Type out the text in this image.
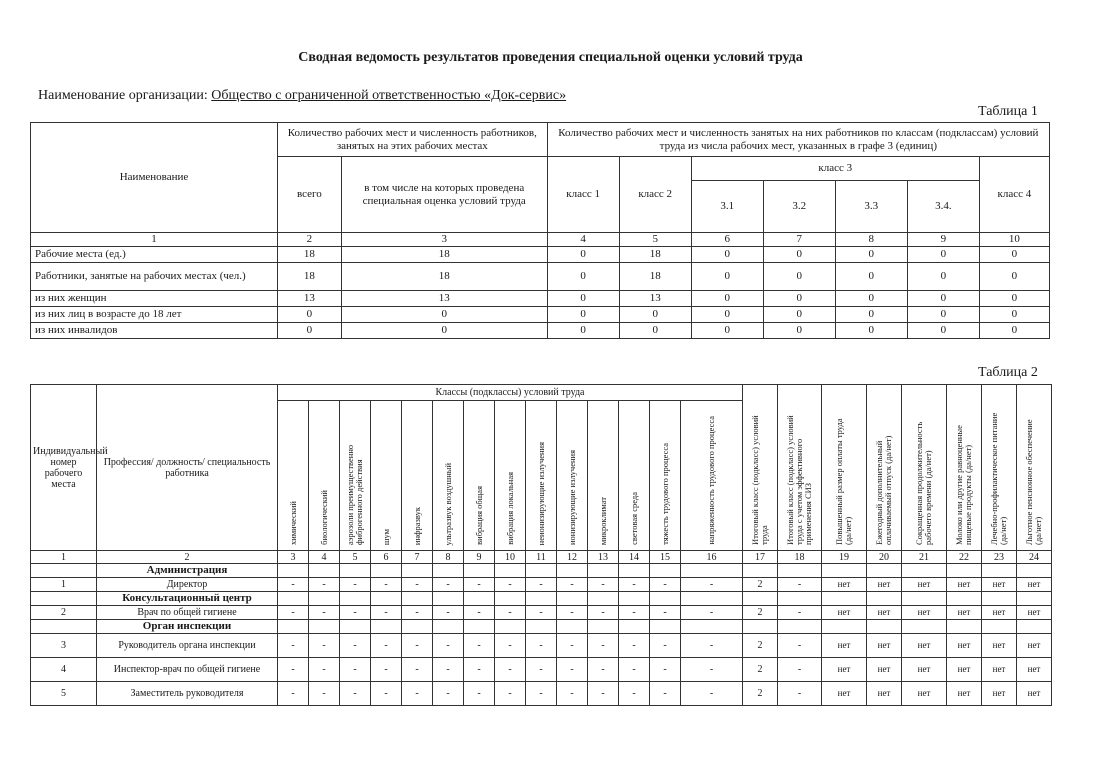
Сводная ведомость результатов проведения специальной оценки условий труда
Наименование организации: Общество с ограниченной ответственностью «Док-сервис»
Таблица 1
Наименование	Количество рабочих мест и численность работников, занятых на этих рабочих местах		Количество рабочих мест и численность занятых на них работников по классам (подклассам) условий труда из числа рабочих мест, указанных в графе 3 (единиц)						
	всего	в том числе на которых проведена специальная оценка условий труда	класс 1	класс 2	класс 3				класс 4
					3.1	3.2	3.3	3.4.	
1	2	3	4	5	6	7	8	9	10
Рабочие места (ед.)	18	18	0	18	0	0	0	0	0
Работники, занятые на рабочих местах (чел.)	18	18	0	18	0	0	0	0	0
из них женщин	13	13	0	13	0	0	0	0	0
из них лиц в возрасте до 18 лет	0	0	0	0	0	0	0	0	0
из них инвалидов	0	0	0	0	0	0	0	0	0
Таблица 2
Индивидуальный номер рабочего места	Профессия/ должность/ специальность работника	Классы (подклассы) условий труда														Итоговый класс (подкласс) условий труда	Итоговый класс (подкласс) условий труда с учетом эффективного применения СИЗ	Повышенный размер оплаты труда (да/нет)	Ежегодный дополнительный оплачиваемый отпуск (да/нет)	Сокращенная продолжительность рабочего времени (да/нет)	Молоко или другие равноценные пищевые продукты (да/нет)	Лечебно-профилактическое питание (да/нет)	Льготное пенсионное обеспечение (да/нет)
		химический	биологический	аэрозоли преимущественно фиброгенного действия	шум	инфразвук	ультразвук воздушный	вибрация общая	вибрация локальная	неионизирующие излучения	ионизирующие излучения	микроклимат	световая среда	тяжесть трудового процесса	напряженность трудового процесса								
1	2	3	4	5	6	7	8	9	10	11	12	13	14	15	16	17	18	19	20	21	22	23	24
	Администрация																						
1	Директор	-	-	-	-	-	-	-	-	-	-	-	-	-	-	2	-	нет	нет	нет	нет	нет	нет
	Консультационный центр																						
2	Врач по общей гигиене	-	-	-	-	-	-	-	-	-	-	-	-	-	-	2	-	нет	нет	нет	нет	нет	нет
	Орган инспекции																						
3	Руководитель органа инспекции	-	-	-	-	-	-	-	-	-	-	-	-	-	-	2	-	нет	нет	нет	нет	нет	нет
4	Инспектор-врач по общей гигиене	-	-	-	-	-	-	-	-	-	-	-	-	-	-	2	-	нет	нет	нет	нет	нет	нет
5	Заместитель руководителя	-	-	-	-	-	-	-	-	-	-	-	-	-	-	2	-	нет	нет	нет	нет	нет	нет
